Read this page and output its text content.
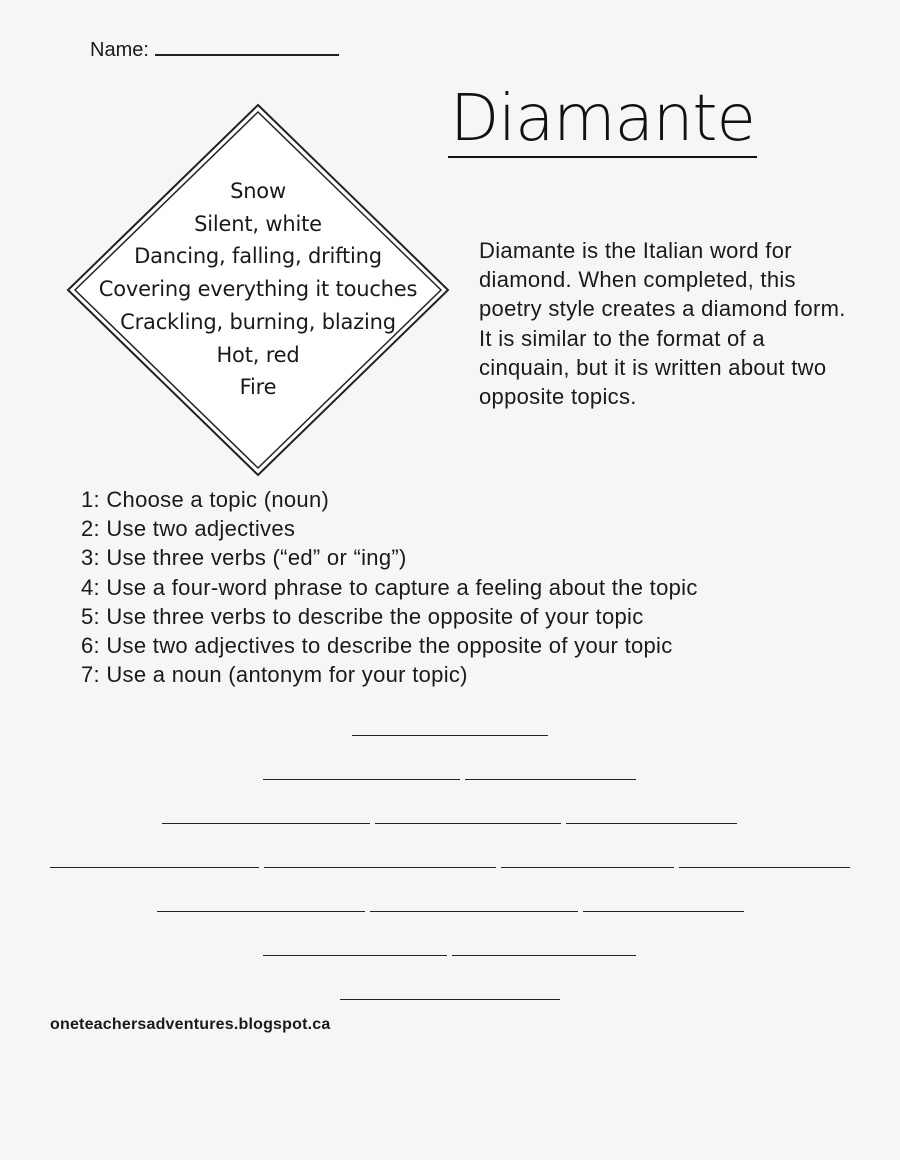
Name:
Diamante
Snow
Silent, white
Dancing, falling, drifting
Covering everything it touches
Crackling, burning, blazing
Hot, red
Fire
Diamante is the Italian word for diamond. When completed, this poetry style creates a diamond form. It is similar to the format of a cinquain, but it is written about two opposite topics.
1: Choose a topic (noun)
2: Use two adjectives
3: Use three verbs (“ed” or “ing”)
4: Use a four-word phrase to capture a feeling about the topic
5: Use three verbs to describe the opposite of your topic
6: Use two adjectives to describe the opposite of your topic
7: Use a noun (antonym for your topic)
oneteachersadventures.blogspot.ca
